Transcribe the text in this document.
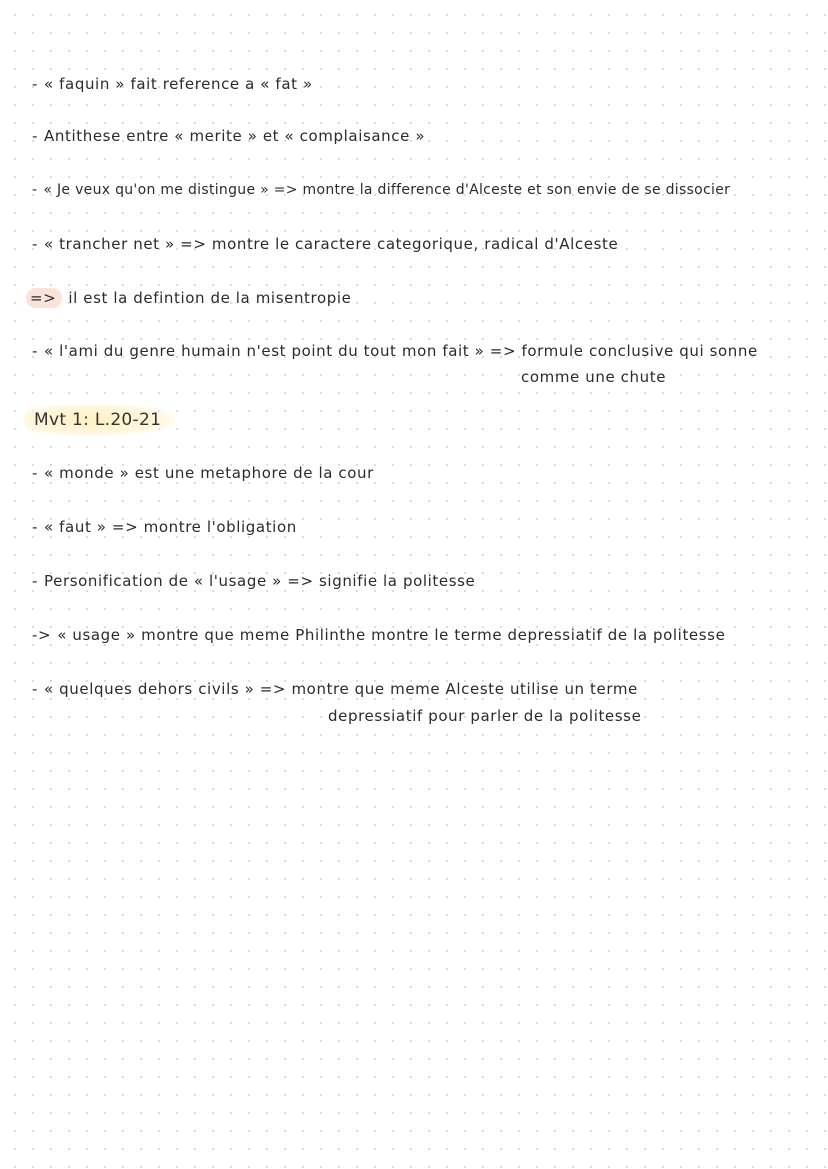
- « faquin » fait reference a « fat »
- Antithese entre « merite » et « complaisance »
- « Je veux qu'on me distingue » => montre la difference d'Alceste et son envie de se dissocier
- « trancher net » => montre le caractere categorique, radical d'Alceste
=> il est la defintion de la misentropie
- « l'ami du genre humain n'est point du tout mon fait » => formule conclusive qui sonne
comme une chute
Mvt 1: L.20-21
- « monde » est une metaphore de la cour
- « faut » => montre l'obligation
- Personification de « l'usage » => signifie la politesse
-> « usage » montre que meme Philinthe montre le terme depressiatif de la politesse
- « quelques dehors civils » => montre que meme Alceste utilise un terme
depressiatif pour parler de la politesse
